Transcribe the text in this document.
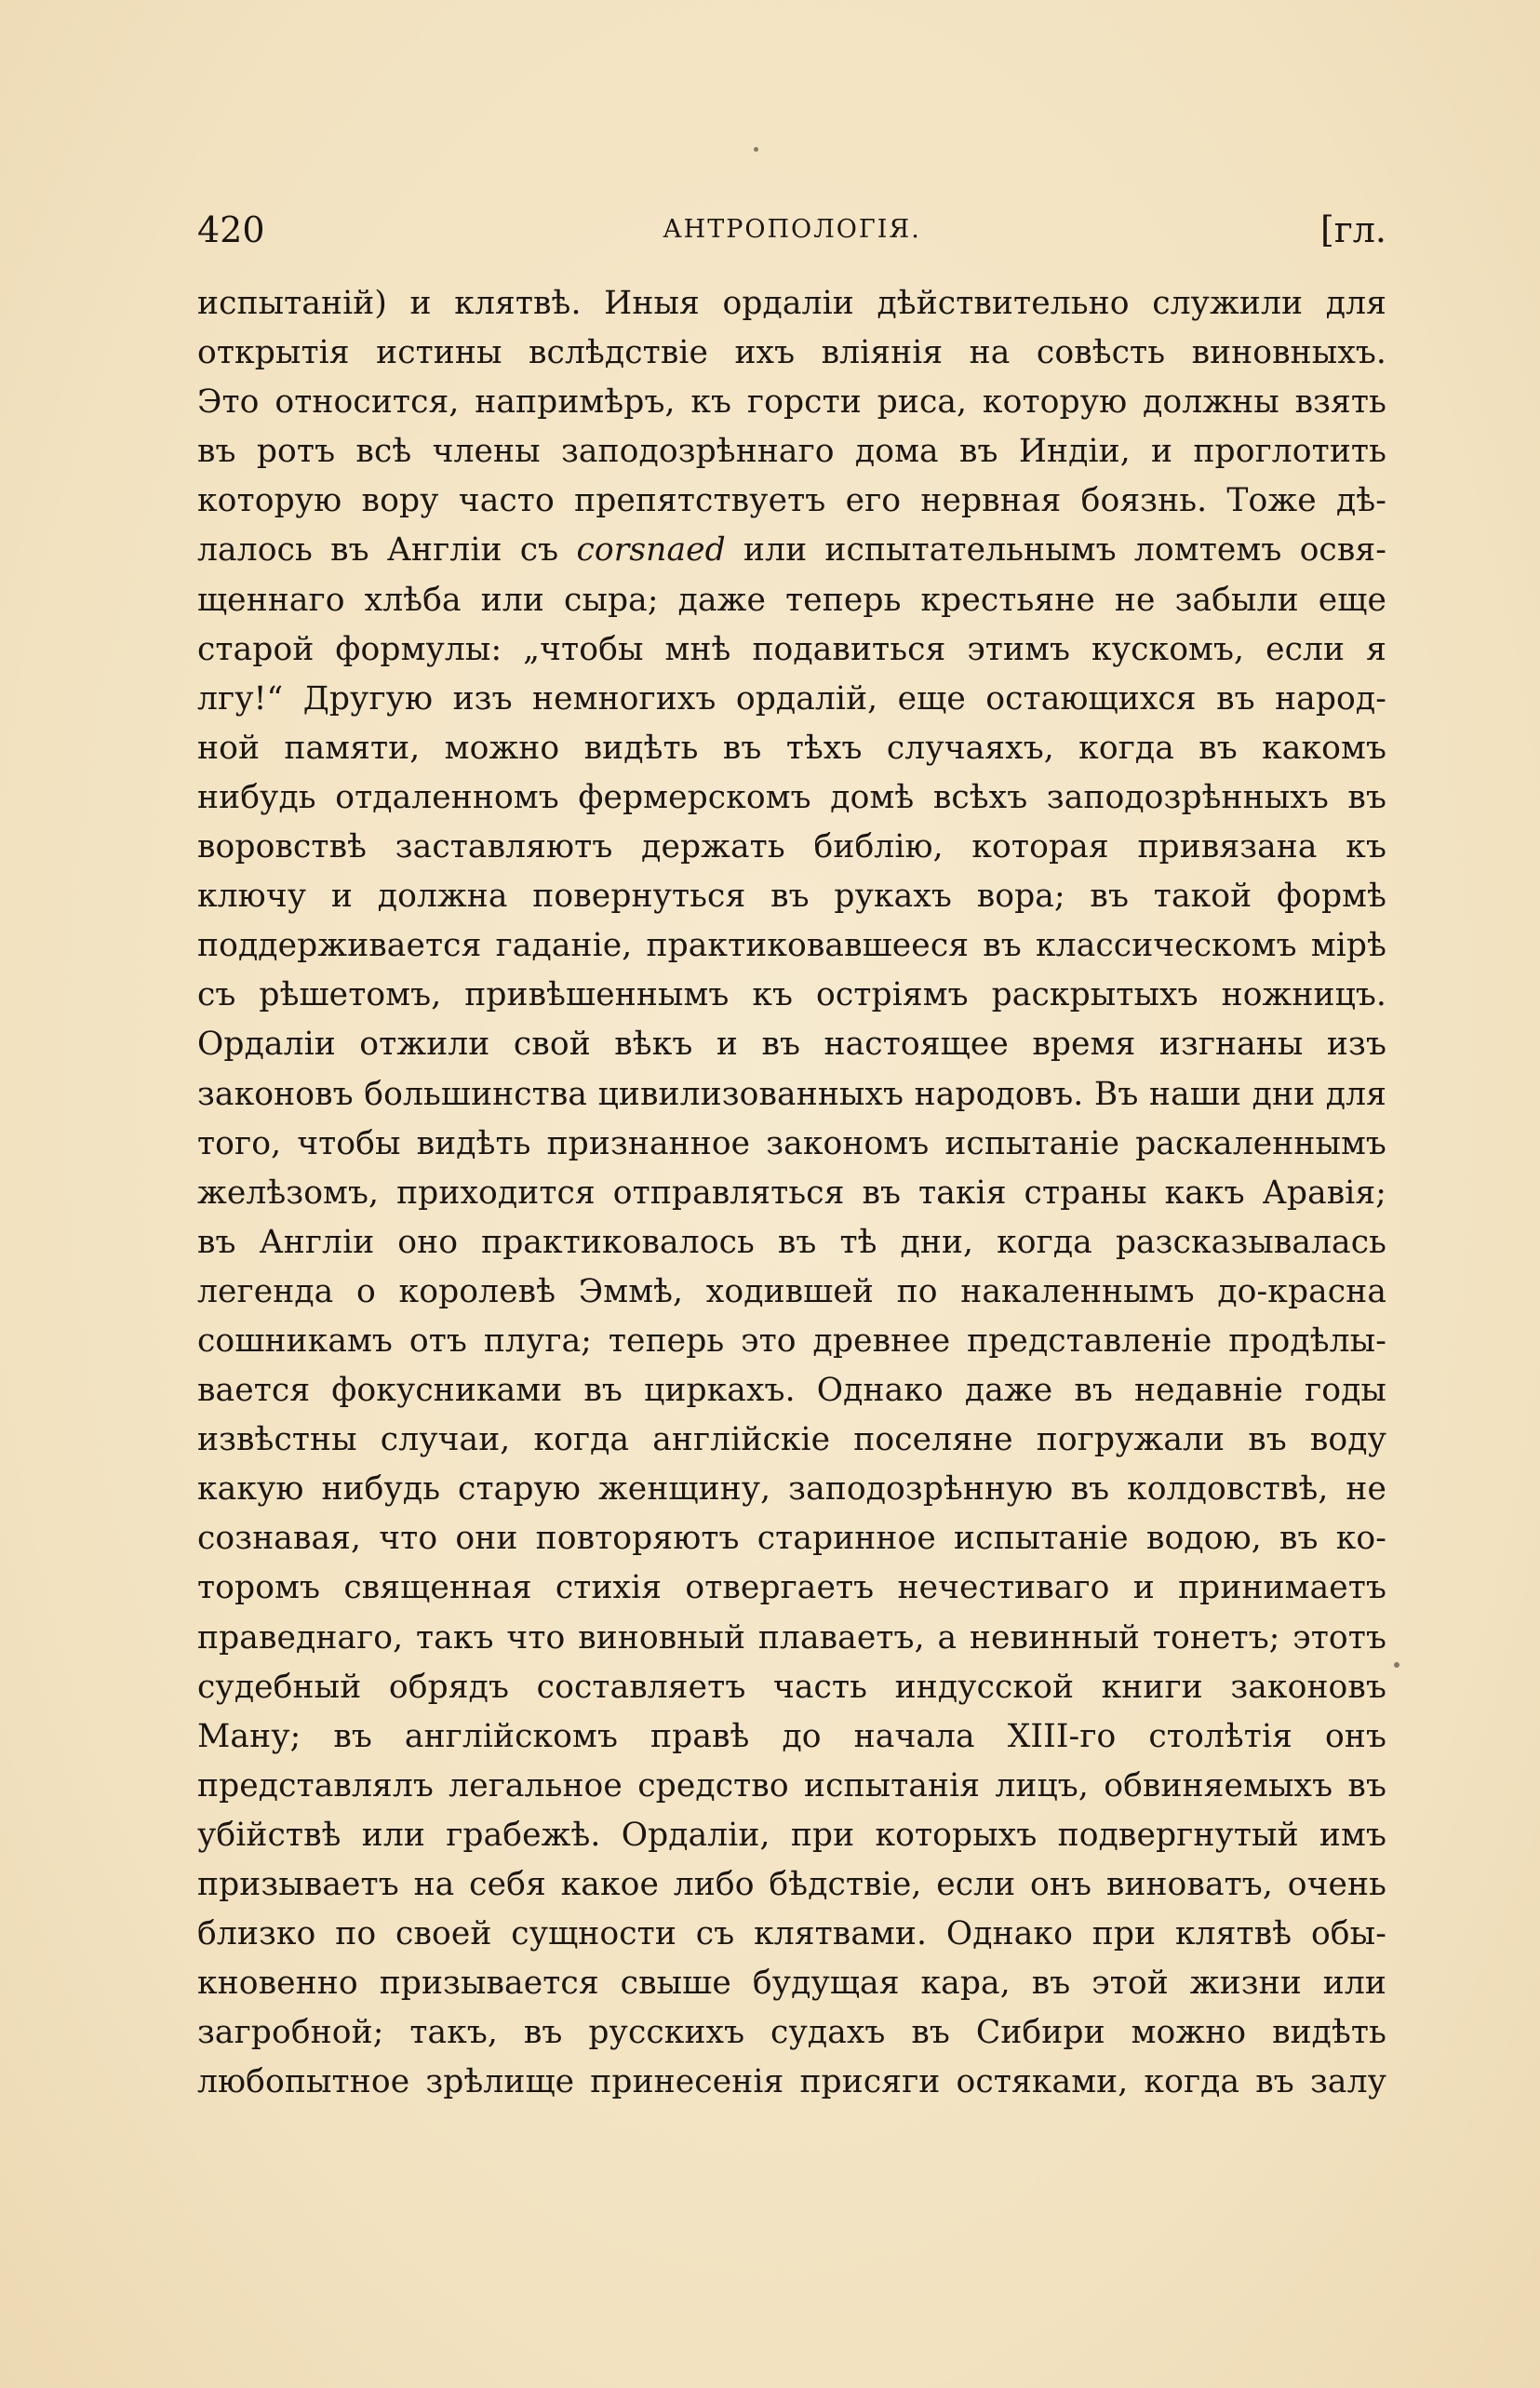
420	АНТРОПОЛОГІЯ.	[гл.
испытаній) и клятвѣ. Иныя ордаліи дѣйствительно служили для
открытія истины вслѣдствіе ихъ вліянія на совѣсть виновныхъ.
Это относится, напримѣръ, къ горсти риса, которую должны взять
въ ротъ всѣ члены заподозрѣннаго дома въ Индіи, и проглотить
которую вору часто препятствуетъ его нервная боязнь. Тоже дѣ-
лалось въ Англіи съ corsnaed или испытательнымъ ломтемъ освя-
щеннаго хлѣба или сыра; даже теперь крестьяне не забыли еще
старой формулы: „чтобы мнѣ подавиться этимъ кускомъ, если я
лгу!“ Другую изъ немногихъ ордалій, еще остающихся въ народ-
ной памяти, можно видѣть въ тѣхъ случаяхъ, когда въ какомъ
нибудь отдаленномъ фермерскомъ домѣ всѣхъ заподозрѣнныхъ въ
воровствѣ заставляютъ держать библію, которая привязана къ
ключу и должна повернуться въ рукахъ вора; въ такой формѣ
поддерживается гаданіе, практиковавшееся въ классическомъ мірѣ
съ рѣшетомъ, привѣшеннымъ къ остріямъ раскрытыхъ ножницъ.
Ордаліи отжили свой вѣкъ и въ настоящее время изгнаны изъ
законовъ большинства цивилизованныхъ народовъ. Въ наши дни для
того, чтобы видѣть признанное закономъ испытаніе раскаленнымъ
желѣзомъ, приходится отправляться въ такія страны какъ Аравія;
въ Англіи оно практиковалось въ тѣ дни, когда разсказывалась
легенда о королевѣ Эммѣ, ходившей по накаленнымъ до-красна
сошникамъ отъ плуга; теперь это древнее представленіе продѣлы-
вается фокусниками въ циркахъ. Однако даже въ недавніе годы
извѣстны случаи, когда англійскіе поселяне погружали въ воду
какую нибудь старую женщину, заподозрѣнную въ колдовствѣ, не
сознавая, что они повторяютъ старинное испытаніе водою, въ ко-
торомъ священная стихія отвергаетъ нечестиваго и принимаетъ
праведнаго, такъ что виновный плаваетъ, а невинный тонетъ; этотъ
судебный обрядъ составляетъ часть индусской книги законовъ
Ману; въ англійскомъ правѣ до начала XIII-го столѣтія онъ
представлялъ легальное средство испытанія лицъ, обвиняемыхъ въ
убійствѣ или грабежѣ. Ордаліи, при которыхъ подвергнутый имъ
призываетъ на себя какое либо бѣдствіе, если онъ виноватъ, очень
близко по своей сущности съ клятвами. Однако при клятвѣ обы-
кновенно призывается свыше будущая кара, въ этой жизни или
загробной; такъ, въ русскихъ судахъ въ Сибири можно видѣть
любопытное зрѣлище принесенія присяги остяками, когда въ залу
